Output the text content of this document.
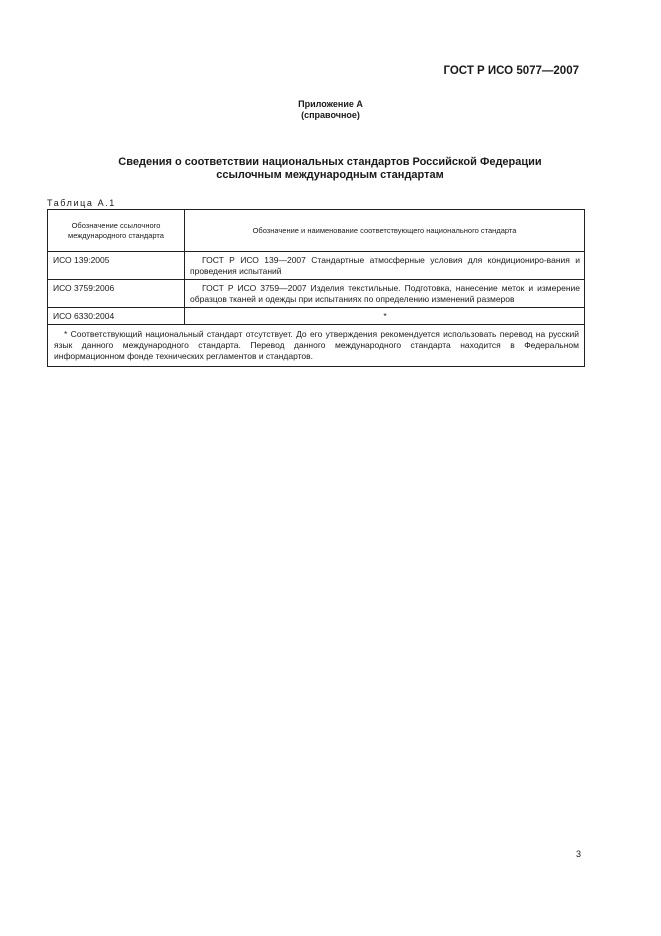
ГОСТ Р ИСО 5077—2007
Приложение А
(справочное)
Сведения о соответствии национальных стандартов Российской Федерации
ссылочным международным стандартам
Таблица А.1
Обозначение ссылочного международного стандарта	Обозначение и наименование соответствующего национального стандарта
ИСО 139:2005	ГОСТ Р ИСО 139—2007 Стандартные атмосферные условия для кондициониро-вания и проведения испытаний
ИСО 3759:2006	ГОСТ Р ИСО 3759—2007 Изделия текстильные. Подготовка, нанесение меток и измерение образцов тканей и одежды при испытаниях по определению изменений размеров
ИСО 6330:2004	*
* Соответствующий национальный стандарт отсутствует. До его утверждения рекомендуется использовать перевод на русский язык данного международного стандарта. Перевод данного международного стандарта находится в Федеральном информационном фонде технических регламентов и стандартов.	
3
